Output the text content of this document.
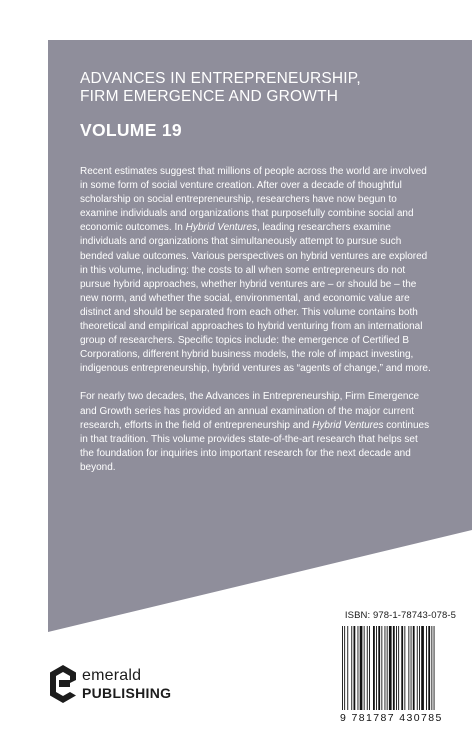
ADVANCES IN ENTREPRENEURSHIP,

FIRM EMERGENCE AND GROWTH

VOLUME 19

Recent estimates suggest that millions of people across the world are involved in some form of social venture creation. After over a decade of thoughtful scholarship on social entrepreneurship, researchers have now begun to examine individuals and organizations that purposefully combine social and economic outcomes. In Hybrid Ventures, leading researchers examine individuals and organizations that simultaneously attempt to pursue such bended value outcomes. Various perspectives on hybrid ventures are explored in this volume, including: the costs to all when some entrepreneurs do not pursue hybrid approaches, whether hybrid ventures are – or should be – the new norm, and whether the social, environmental, and economic value are distinct and should be separated from each other. This volume contains both theoretical and empirical approaches to hybrid venturing from an international group of researchers. Specific topics include: the emergence of Certified B Corporations, different hybrid business models, the role of impact investing, indigenous entrepreneurship, hybrid ventures as “agents of change,” and more.

For nearly two decades, the Advances in Entrepreneurship, Firm Emergence and Growth series has provided an annual examination of the major current research, efforts in the field of entrepreneurship and Hybrid Ventures continues in that tradition. This volume provides state-of-the-art research that helps set the foundation for inquiries into important research for the next decade and beyond.

ISBN: 978-1-78743-078-5
9 781787 430785
emerald
PUBLISHING
